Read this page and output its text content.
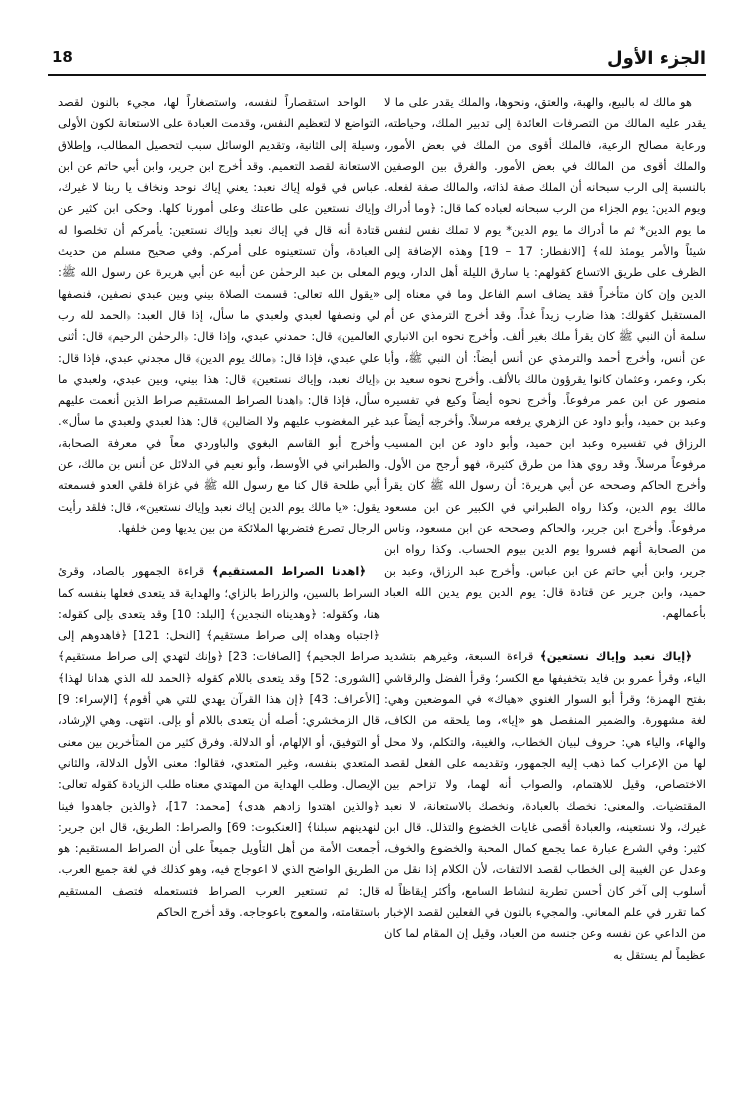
الجزء الأول
18

هو مالك له بالبيع، والهبة، والعتق، ونحوها، والملك يقدر على ما لا يقدر عليه المالك من التصرفات العائدة إلى تدبير الملك، وحياطته، ورعاية مصالح الرعية، فالملك أقوى من الملك في بعض الأمور، والملك أقوى من المالك في بعض الأمور. والفرق بين الوصفين بالنسبة إلى الرب سبحانه أن الملك صفة لذاته، والمالك صفة لفعله. ويوم الدين: يوم الجزاء من الرب سبحانه لعباده كما قال: ﴿وما أدراك ما يوم الدين* ثم ما أدراك ما يوم الدين* يوم لا تملك نفس لنفس شيئاً والأمر يومئذ لله﴾ [الانفطار: 17 – 19] وهذه الإضافة إلى الظرف على طريق الاتساع كقولهم: يا سارق الليلة أهل الدار، ويوم الدين وإن كان متأخراً فقد يضاف اسم الفاعل وما في معناه إلى المستقبل كقولك: هذا ضارب زيداً غداً. وقد أخرج الترمذي عن أم سلمة أن النبي ﷺ كان يقرأ ملك بغير ألف. وأخرج نحوه ابن الانباري عن أنس، وأخرج أحمد والترمذي عن أنس أيضاً: أن النبي ﷺ، وأبا بكر، وعمر، وعثمان كانوا يقرؤون مالك بالألف. وأخرج نحوه سعيد بن منصور عن ابن عمر مرفوعاً. وأخرج نحوه أيضاً وكيع في تفسيره وعبد بن حميد، وأبو داود عن الزهري يرفعه مرسلاً. وأخرجه أيضاً عبد الرزاق في تفسيره وعبد ابن حميد، وأبو داود عن ابن المسيب مرفوعاً مرسلاً. وقد روي هذا من طرق كثيرة، فهو أرجح من الأول. وأخرج الحاكم وصححه عن أبي هريرة: أن رسول الله ﷺ كان يقرأ مالك يوم الدين، وكذا رواه الطبراني في الكبير عن ابن مسعود مرفوعاً. وأخرج ابن جرير، والحاكم وصححه عن ابن مسعود، وناس من الصحابة أنهم فسروا يوم الدين بيوم الحساب. وكذا رواه ابن جرير، وابن أبي حاتم عن ابن عباس. وأخرج عبد الرزاق، وعبد بن حميد، وابن جرير عن قتادة قال: يوم الدين يوم يدين الله العباد بأعمالهم.

﴿إياك نعبد وإياك نستعين﴾ قراءة السبعة، وغيرهم بتشديد الياء، وقرأ عمرو بن فايد بتخفيفها مع الكسر؛ وقرأ الفضل والرقاشي بفتح الهمزة؛ وقرأ أبو السوار الغنوي «هياك» في الموضعين وهي: لغة مشهورة. والضمير المنفصل هو «إيا»، وما يلحقه من الكاف، والهاء، والياء هي: حروف لبيان الخطاب، والغيبة، والتكلم، ولا محل لها من الإعراب كما ذهب إليه الجمهور، وتقديمه على الفعل لقصد الاختصاص، وقيل للاهتمام، والصواب أنه لهما، ولا تزاحم بين المقتضيات. والمعنى: نخصك بالعبادة، ونخصك بالاستعانة، لا نعبد غيرك، ولا نستعينه، والعبادة أقصى غايات الخضوع والتذلل. قال ابن كثير: وفي الشرع عبارة عما يجمع كمال المحبة والخضوع والخوف، وعدل عن الغيبة إلى الخطاب لقصد الالتفات، لأن الكلام إذا نقل من أسلوب إلى آخر كان أحسن تطرية لنشاط السامع، وأكثر إيقاظاً له كما تقرر في علم المعاني. والمجيء بالنون في الفعلين لقصد الإخبار من الداعي عن نفسه وعن جنسه من العباد، وقيل إن المقام لما كان عظيماً لم يستقل به

الواحد استقصاراً لنفسه، واستصغاراً لها، مجيء بالنون لقصد التواضع لا لتعظيم النفس، وقدمت العبادة على الاستعانة لكون الأولى وسيلة إلى الثانية، وتقديم الوسائل سبب لتحصيل المطالب، وإطلاق الاستعانة لقصد التعميم. وقد أخرج ابن جرير، وابن أبي حاتم عن ابن عباس في قوله إياك نعبد: يعني إياك نوحد ونخاف يا ربنا لا غيرك، وإياك نستعين على طاعتك وعلى أمورنا كلها. وحكى ابن كثير عن قتادة أنه قال في إياك نعبد وإياك نستعين: يأمركم أن تخلصوا له العبادة، وأن تستعينوه على أمركم. وفي صحيح مسلم من حديث المعلى بن عبد الرحمٰن عن أبيه عن أبي هريرة عن رسول الله ﷺ: «يقول الله تعالى: قسمت الصلاة بيني وبين عبدي نصفين، فنصفها لي ونصفها لعبدي ولعبدي ما سأل، إذا قال العبد: ﴿الحمد لله رب العالمين﴾ قال: حمدني عبدي، وإذا قال: ﴿الرحمٰن الرحيم﴾ قال: أثنى علي عبدي، فإذا قال: ﴿مالك يوم الدين﴾ قال مجدني عبدي، فإذا قال: ﴿إياك نعبد، وإياك نستعين﴾ قال: هذا بيني، وبين عبدي، ولعبدي ما سأل، فإذا قال: ﴿اهدنا الصراط المستقيم صراط الذين أنعمت عليهم غير المغضوب عليهم ولا الضالين﴾ قال: هذا لعبدي ولعبدي ما سأل». وأخرج أبو القاسم البغوي والباوردي معاً في معرفة الصحابة، والطبراني في الأوسط، وأبو نعيم في الدلائل عن أنس بن مالك، عن أبي طلحة قال كنا مع رسول الله ﷺ في غزاة فلقي العدو فسمعته يقول: «يا مالك يوم الدين إياك نعبد وإياك نستعين»، قال: فلقد رأيت الرجال تصرع فتضربها الملائكة من بين يديها ومن خلفها.

﴿اهدنا الصراط المستقيم﴾ قراءة الجمهور بالصاد، وقرئ السراط بالسين، والزراط بالزاي؛ والهداية قد يتعدى فعلها بنفسه كما هنا، وكقوله: ﴿وهديناه النجدين﴾ [البلد: 10] وقد يتعدى بإلى كقوله: ﴿اجتباه وهداه إلى صراط مستقيم﴾ [النحل: 121] ﴿فاهدوهم إلى صراط الجحيم﴾ [الصافات: 23] ﴿وإنك لتهدي إلى صراط مستقيم﴾ [الشورى: 52] وقد يتعدى باللام كقوله ﴿الحمد لله الذي هدانا لهذا﴾ [الأعراف: 43] ﴿إن هذا القرآن يهدي للتي هي أقوم﴾ [الإسراء: 9] قال الزمخشري: أصله أن يتعدى باللام أو بإلى. انتهى. وهي الإرشاد، أو التوفيق، أو الإلهام، أو الدلالة. وفرق كثير من المتأخرين بين معنى المتعدي بنفسه، وغير المتعدي، فقالوا: معنى الأول الدلالة، والثاني الإيصال. وطلب الهداية من المهتدي معناه طلب الزيادة كقوله تعالى: ﴿والذين اهتدوا زادهم هدى﴾ [محمد: 17]، ﴿والذين جاهدوا فينا لنهدينهم سبلنا﴾ [العنكبوت: 69] والصراط: الطريق، قال ابن جرير: أجمعت الأمة من أهل التأويل جميعاً على أن الصراط المستقيم: هو الطريق الواضح الذي لا اعوجاج فيه، وهو كذلك في لغة جميع العرب. قال: ثم تستعير العرب الصراط فتستعمله فتصف المستقيم باستقامته، والمعوج باعوجاجه. وقد أخرج الحاكم
